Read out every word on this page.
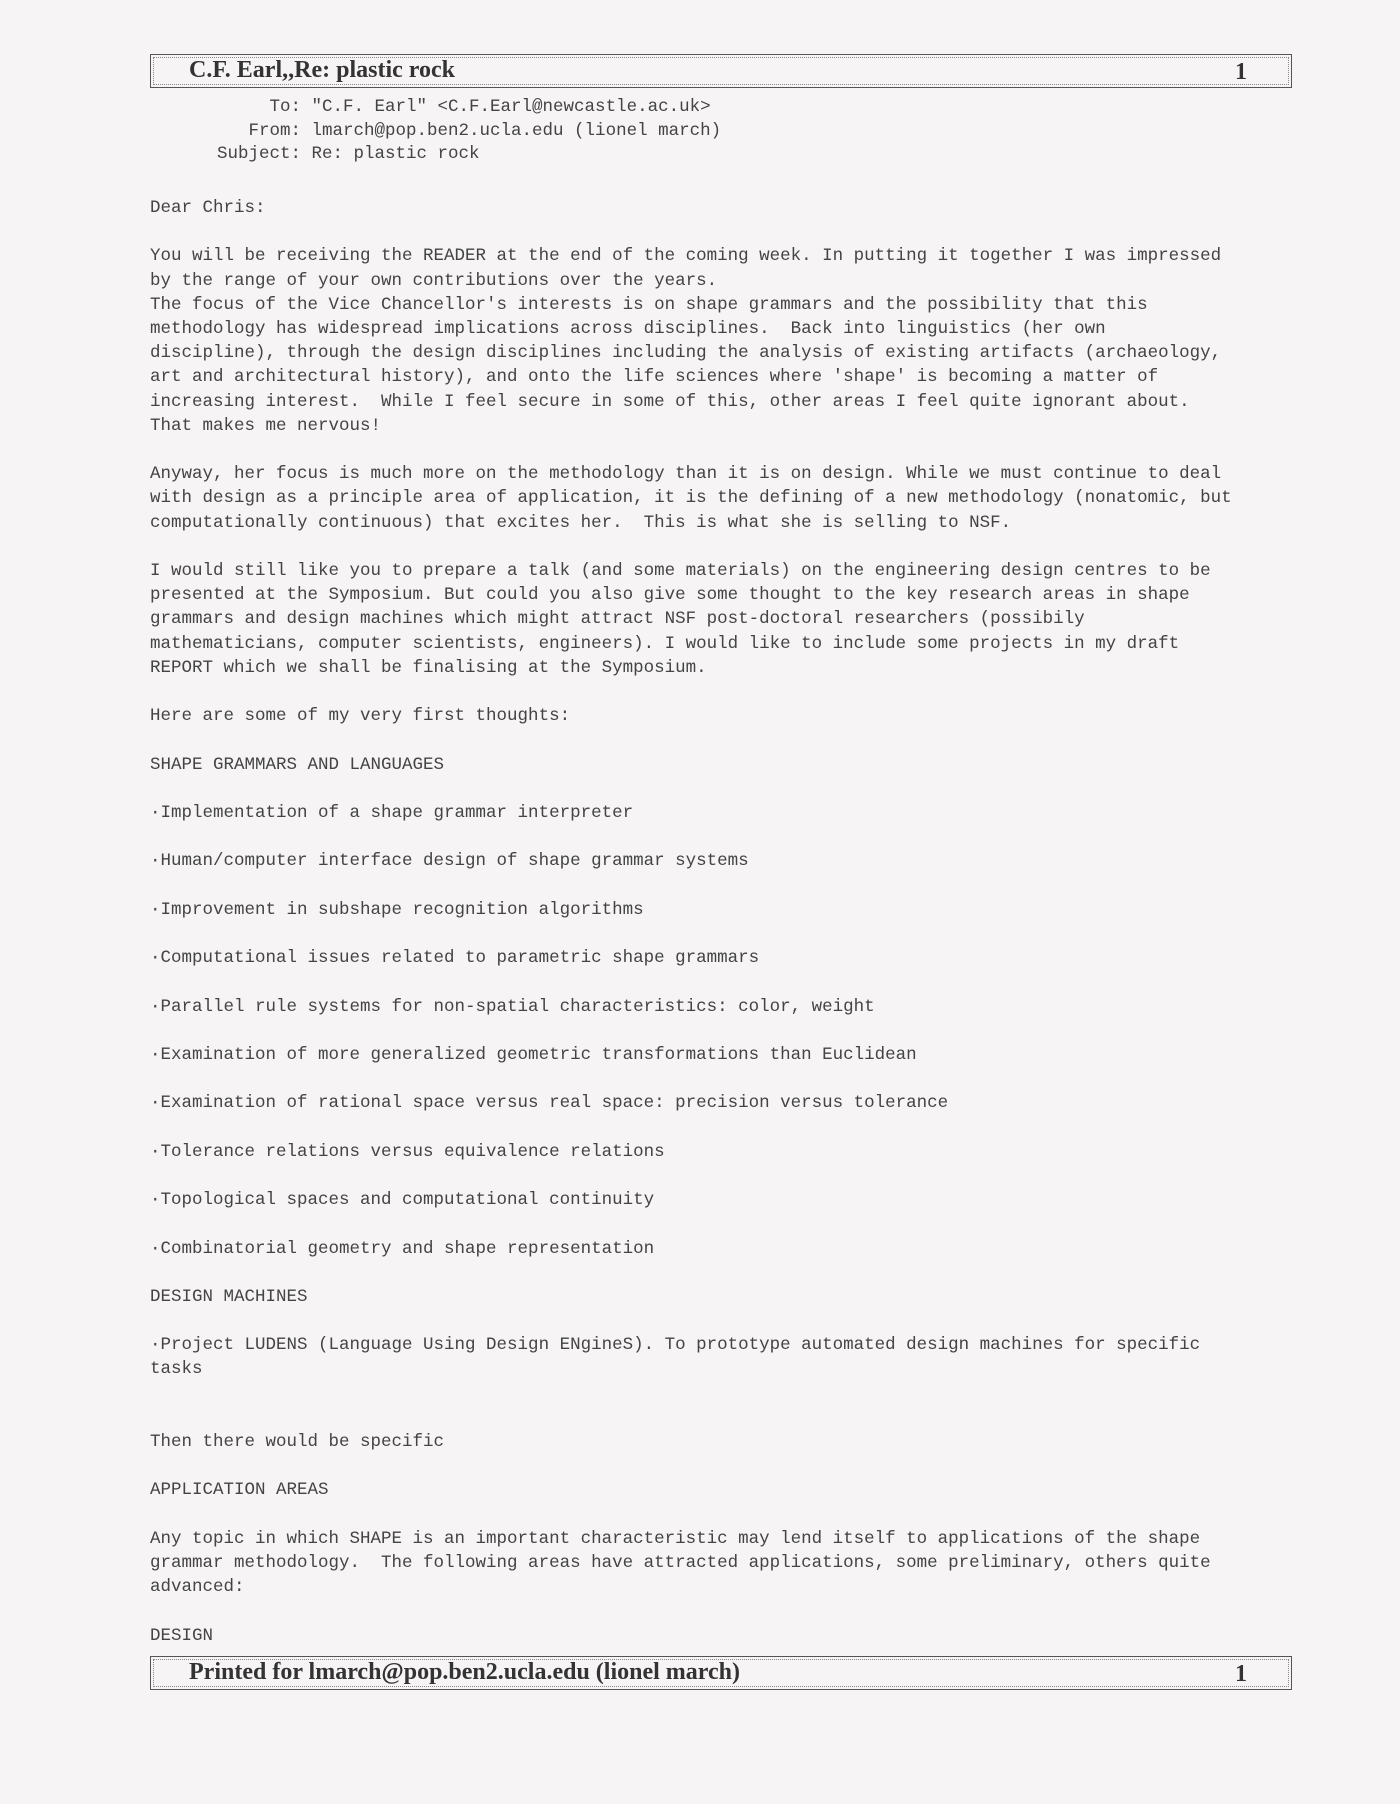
C.F. Earl,,Re: plastic rock	1
To: "C.F. Earl" <C.F.Earl@newcastle.ac.uk>
From: lmarch@pop.ben2.ucla.edu (lionel march)
Subject: Re: plastic rock

Dear Chris:

You will be receiving the READER at the end of the coming week. In putting it together I was impressed

by the range of your own contributions over the years.

The focus of the Vice Chancellor's interests is on shape grammars and the possibility that this

methodology has widespread implications across disciplines.  Back into linguistics (her own

discipline), through the design disciplines including the analysis of existing artifacts (archaeology,

art and architectural history), and onto the life sciences where 'shape' is becoming a matter of

increasing interest.  While I feel secure in some of this, other areas I feel quite ignorant about.

That makes me nervous!

Anyway, her focus is much more on the methodology than it is on design. While we must continue to deal

with design as a principle area of application, it is the defining of a new methodology (nonatomic, but

computationally continuous) that excites her.  This is what she is selling to NSF.

I would still like you to prepare a talk (and some materials) on the engineering design centres to be

presented at the Symposium. But could you also give some thought to the key research areas in shape

grammars and design machines which might attract NSF post-doctoral researchers (possibily

mathematicians, computer scientists, engineers). I would like to include some projects in my draft

REPORT which we shall be finalising at the Symposium.

Here are some of my very first thoughts:

SHAPE GRAMMARS AND LANGUAGES

·Implementation of a shape grammar interpreter

·Human/computer interface design of shape grammar systems

·Improvement in subshape recognition algorithms

·Computational issues related to parametric shape grammars

·Parallel rule systems for non-spatial characteristics: color, weight

·Examination of more generalized geometric transformations than Euclidean

·Examination of rational space versus real space: precision versus tolerance

·Tolerance relations versus equivalence relations

·Topological spaces and computational continuity

·Combinatorial geometry and shape representation

DESIGN MACHINES

·Project LUDENS (Language Using Design ENgineS). To prototype automated design machines for specific

tasks

Then there would be specific

APPLICATION AREAS

Any topic in which SHAPE is an important characteristic may lend itself to applications of the shape

grammar methodology.  The following areas have attracted applications, some preliminary, others quite

advanced:

DESIGN

Printed for lmarch@pop.ben2.ucla.edu (lionel march)	1
